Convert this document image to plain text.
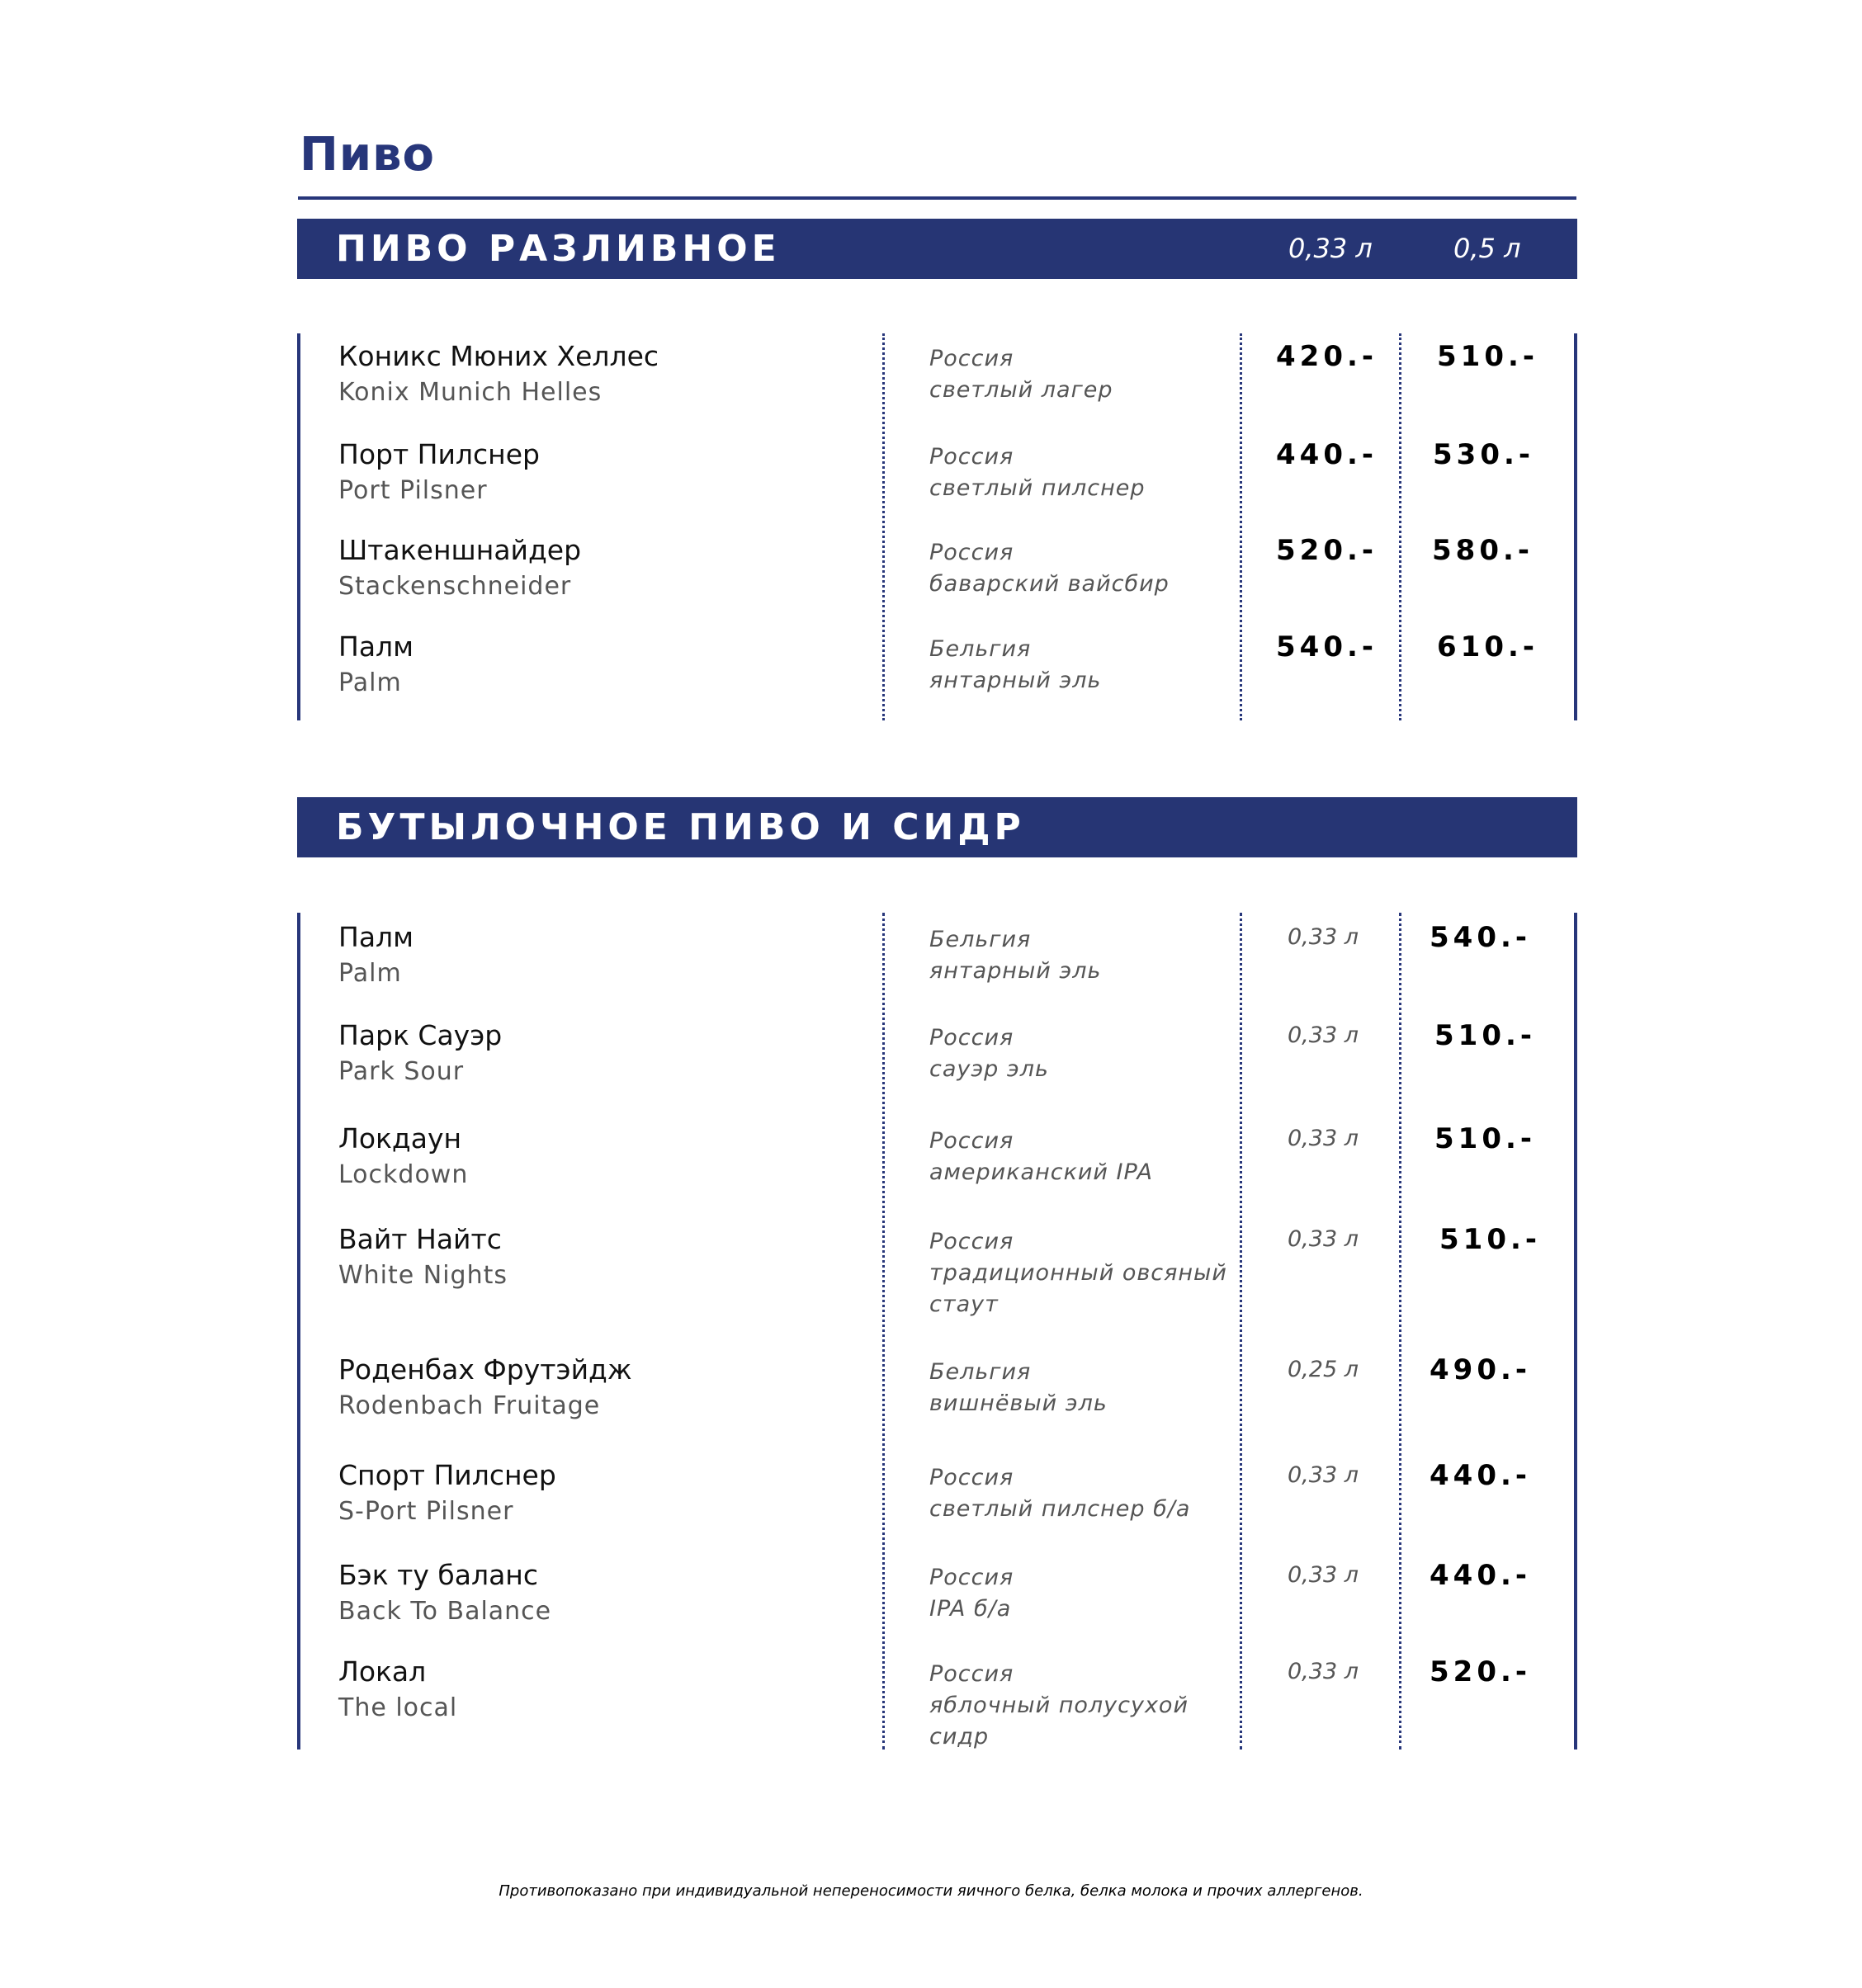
Пиво
ПИВО РАЗЛИВНОЕ	0,33 л	0,5 л
Коникс Мюних Хеллес
Konix Munich Helles
Россия
светлый лагер
420.- 510.-
Порт Пилснер
Port Pilsner
Россия
светлый пилснер
440.- 530.-
Штакеншнайдер
Stackenschneider
Россия
баварский вайсбир
520.- 580.-
Палм
Palm
Бельгия
янтарный эль
540.- 610.-
БУТЫЛОЧНОЕ ПИВО И СИДР
Палм
Palm
Бельгия
янтарный эль
0,33 л	540.-
Парк Сауэр
Park Sour
Россия
сауэр эль
0,33 л	510.-
Локдаун
Lockdown
Россия
американский IPA
0,33 л	510.-
Вайт Найтс
White Nights
Россия
традиционный овсяный стаут
0,33 л	510.-
Роденбах Фрутэйдж
Rodenbach Fruitage
Бельгия
вишнёвый эль
0,25 л	490.-
Спорт Пилснер
S-Port Pilsner
Россия
светлый пилснер б/а
0,33 л	440.-
Бэк ту баланс
Back To Balance
Россия
IPA б/а
0,33 л	440.-
Локал
The local
Россия
яблочный полусухой сидр
0,33 л	520.-
Противопоказано при индивидуальной непереносимости яичного белка, белка молока и прочих аллергенов.
